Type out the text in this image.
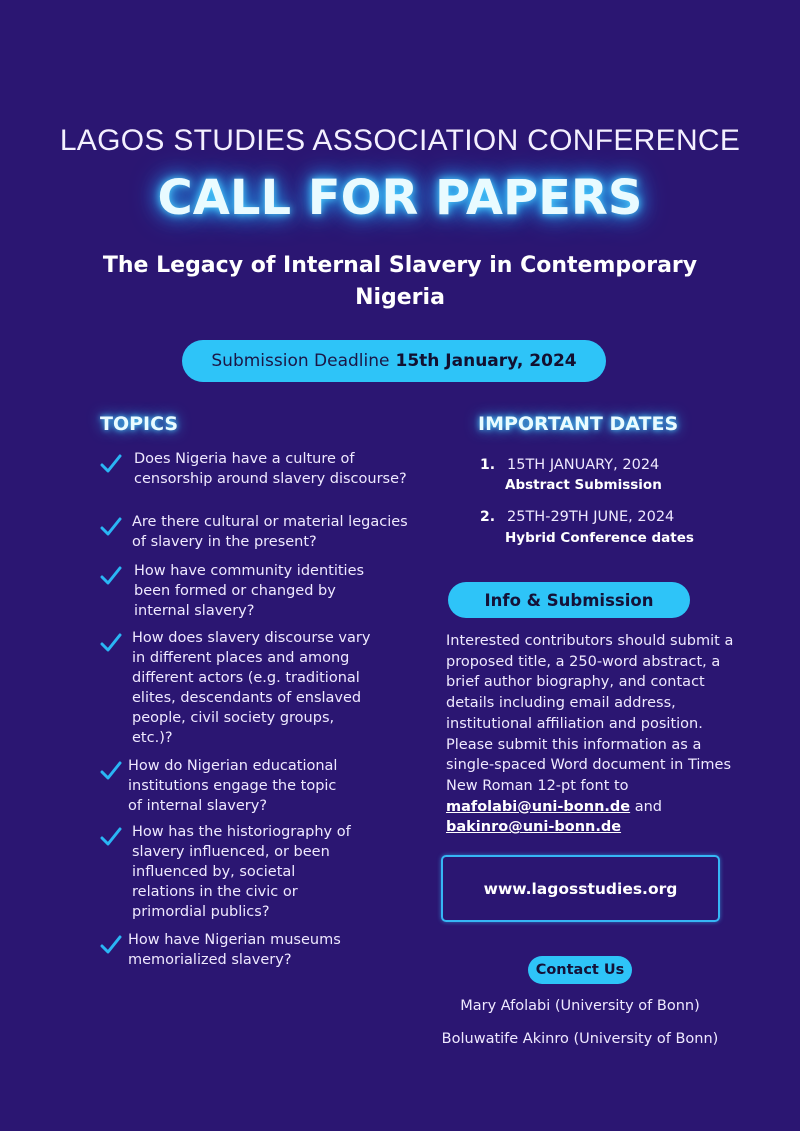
LAGOS STUDIES ASSOCIATION CONFERENCE
CALL FOR PAPERS
The Legacy of Internal Slavery in Contemporary Nigeria
Submission Deadline 15th January, 2024
TOPICS
Does Nigeria have a culture of censorship around slavery discourse?
Are there cultural or material legacies of slavery in the present?
How have community identities been formed or changed by internal slavery?
How does slavery discourse vary in different places and among different actors (e.g. traditional elites, descendants of enslaved people, civil society groups, etc.)?
How do Nigerian educational institutions engage the topic of internal slavery?
How has the historiography of slavery influenced, or been influenced by, societal relations in the civic or primordial publics?
How have Nigerian museums memorialized slavery?
IMPORTANT DATES
1. 15TH JANUARY, 2024
Abstract Submission
2. 25TH-29TH JUNE, 2024
Hybrid Conference dates
Info & Submission
Interested contributors should submit a proposed title, a 250-word abstract, a brief author biography, and contact details including email address, institutional affiliation and position. Please submit this information as a single-spaced Word document in Times New Roman 12-pt font to mafolabi@uni-bonn.de and bakinro@uni-bonn.de
www.lagosstudies.org
Contact Us
Mary Afolabi (University of Bonn)
Boluwatife Akinro (University of Bonn)
